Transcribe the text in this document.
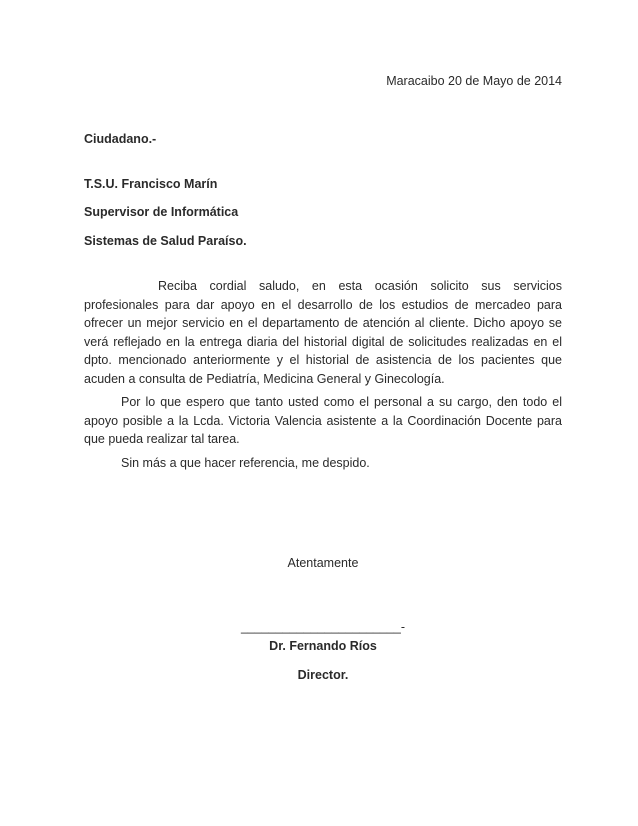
Maracaibo 20 de Mayo de 2014
Ciudadano.-
T.S.U. Francisco Marín
Supervisor de Informática
Sistemas de Salud Paraíso.

Reciba cordial saludo, en esta ocasión solicito sus servicios profesionales para dar apoyo en el desarrollo de los estudios de mercadeo para ofrecer un mejor servicio en el departamento de atención al cliente. Dicho apoyo se verá reflejado en la entrega diaria del historial digital de solicitudes realizadas en el dpto. mencionado anteriormente y el historial de asistencia de los pacientes que acuden a consulta de Pediatría, Medicina General y Ginecología.

Por lo que espero que tanto usted como el personal a su cargo, den todo el apoyo posible a la Lcda. Victoria Valencia asistente a la Coordinación Docente para que pueda realizar tal tarea.

Sin más a que hacer referencia, me despido.

Atentamente
_______________________-
Dr. Fernando Ríos
Director.
